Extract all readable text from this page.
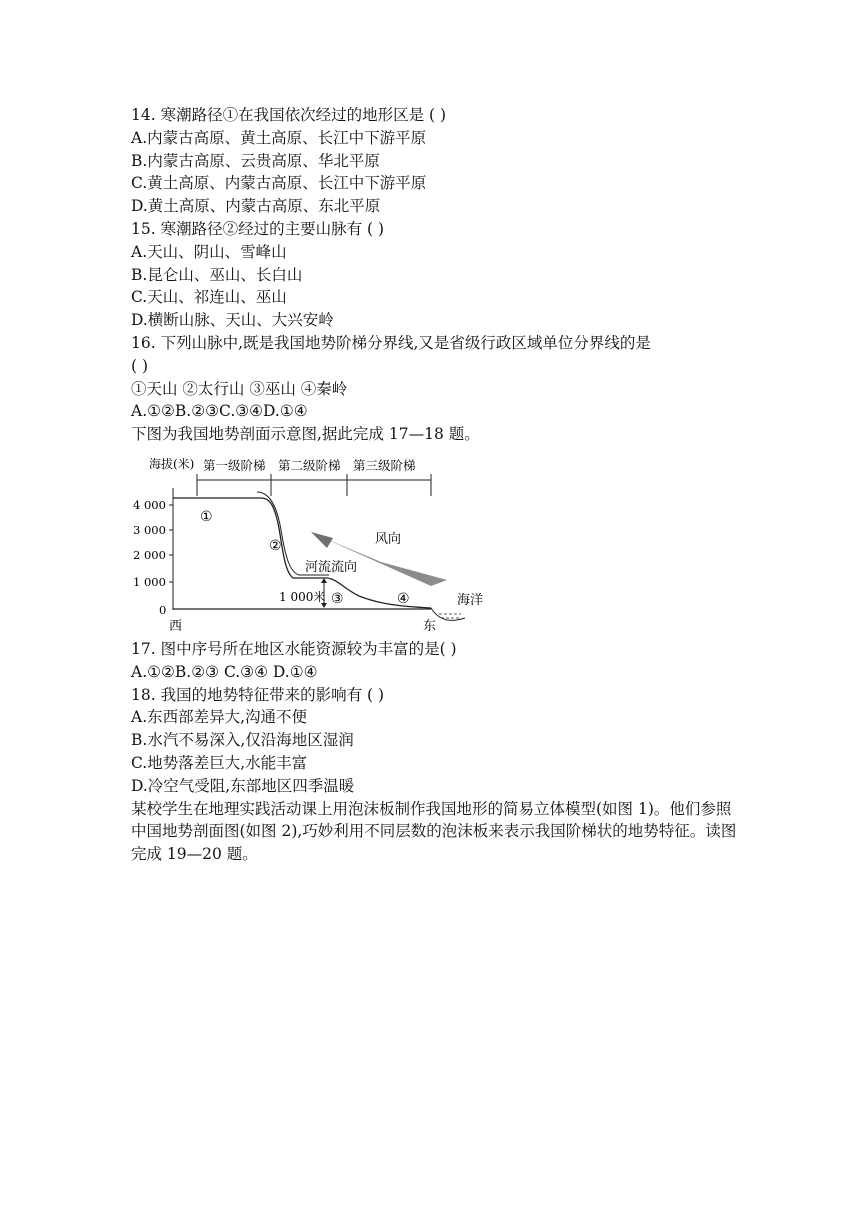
14. 寒潮路径①在我国依次经过的地形区是 ( )
A.内蒙古高原、黄土高原、长江中下游平原
B.内蒙古高原、云贵高原、华北平原
C.黄土高原、内蒙古高原、长江中下游平原
D.黄土高原、内蒙古高原、东北平原
15. 寒潮路径②经过的主要山脉有 ( )
A.天山、阴山、雪峰山
B.昆仑山、巫山、长白山
C.天山、祁连山、巫山
D.横断山脉、天山、大兴安岭
16. 下列山脉中,既是我国地势阶梯分界线,又是省级行政区域单位分界线的是
( )
①天山 ②太行山 ③巫山 ④秦岭
A.①②B.②③C.③④D.①④
下图为我国地势剖面示意图,据此完成 17—18 题。
海拔(米) 第一级阶梯 第二级阶梯 第三级阶梯
4 000
3 000
2 000
1 000
0
①
②
③	④
风向
河流流向
1 000米	海洋
西	东
17. 图中序号所在地区水能资源较为丰富的是( )
A.①②B.②③ C.③④ D.①④
18. 我国的地势特征带来的影响有 ( )
A.东西部差异大,沟通不便
B.水汽不易深入,仅沿海地区湿润
C.地势落差巨大,水能丰富
D.冷空气受阻,东部地区四季温暖
某校学生在地理实践活动课上用泡沫板制作我国地形的简易立体模型(如图 1)。他们参照中国地势剖面图(如图 2),巧妙利用不同层数的泡沫板来表示我国阶梯状的地势特征。读图完成 19—20 题。
